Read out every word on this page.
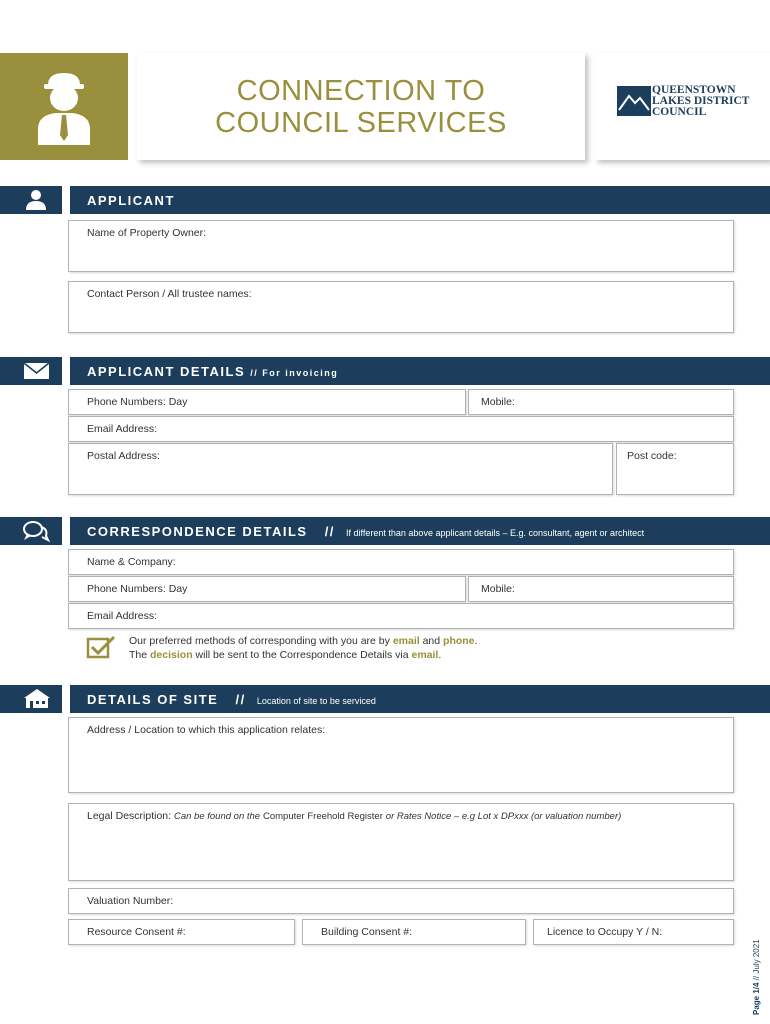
CONNECTION TO
COUNCIL SERVICES
QUEENSTOWN
LAKES DISTRICT
COUNCIL
APPLICANT
Name of Property Owner:
Contact Person / All trustee names:
APPLICANT DETAILS // For invoicing
Phone Numbers: Day	Mobile:
Email Address:
Postal Address:	Post code:
CORRESPONDENCE DETAILS // If different than above applicant details – E.g. consultant, agent or architect
Name & Company:
Phone Numbers: Day	Mobile:
Email Address:
Our preferred methods of corresponding with you are by email and phone.
The decision will be sent to the Correspondence Details via email.
DETAILS OF SITE // Location of site to be serviced
Address / Location to which this application relates:
Legal Description: Can be found on the Computer Freehold Register or Rates Notice – e.g Lot x DPxxx (or valuation number)
Valuation Number:
Resource Consent #:	Building Consent #:	Licence to Occupy Y / N:
Page 1/4 // July 2021
